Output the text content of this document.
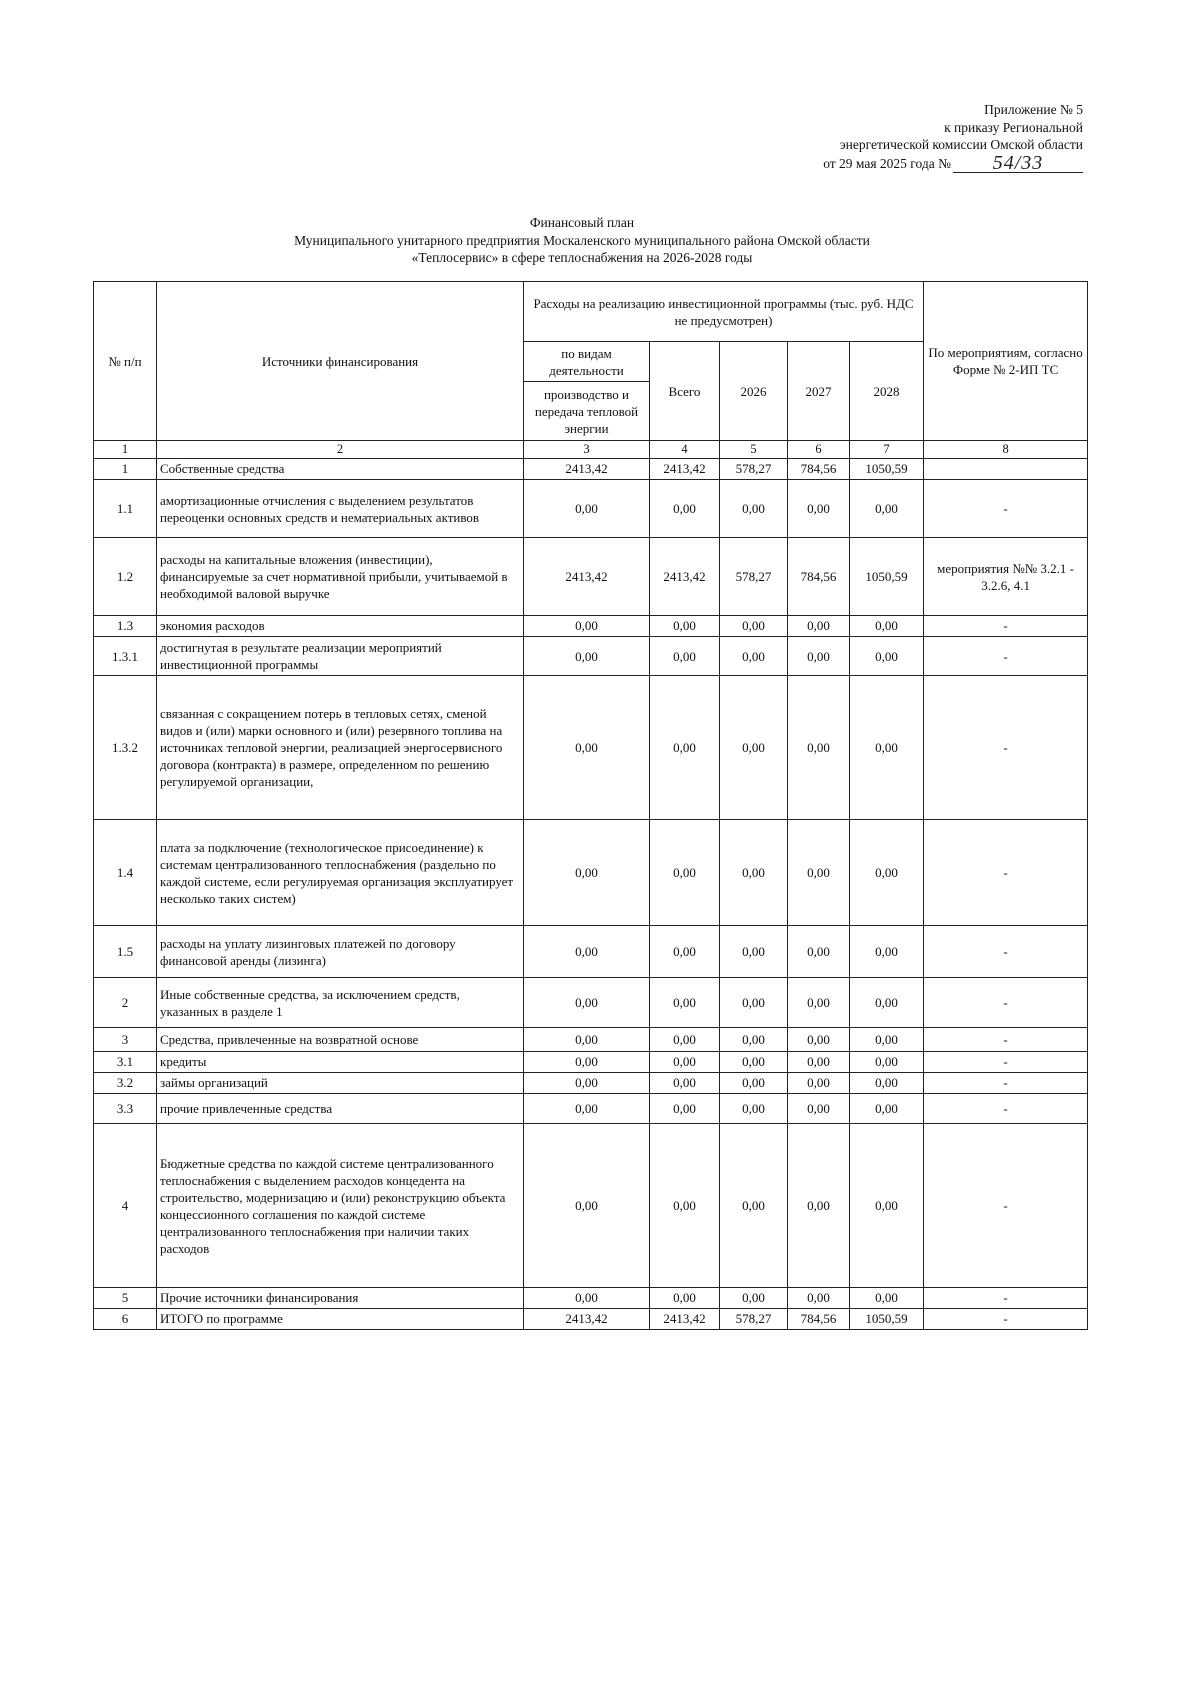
Приложение № 5
к приказу Региональной
энергетической комиссии Омской области
от 29 мая 2025 года №	54/33
Финансовый план
Муниципального унитарного предприятия Москаленского муниципального района Омской области
«Теплосервис» в сфере теплоснабжения на 2026-2028 годы
№ п/п	Источники финансирования	Расходы на реализацию инвестиционной программы (тыс. руб. НДС не предусмотрен)					По мероприятиям, согласно Форме № 2-ИП ТС
		по видам деятельности	Всего	2026	2027	2028	
		производство и передача тепловой энергии					
1	2	3	4	5	6	7	8
1	Собственные средства	2413,42	2413,42	578,27	784,56	1050,59	
1.1	амортизационные отчисления с выделением результатов переоценки основных средств и нематериальных активов	0,00	0,00	0,00	0,00	0,00	-
1.2	расходы на капитальные вложения (инвестиции), финансируемые за счет нормативной прибыли, учитываемой в необходимой валовой выручке	2413,42	2413,42	578,27	784,56	1050,59	мероприятия №№ 3.2.1 - 3.2.6, 4.1
1.3	экономия расходов	0,00	0,00	0,00	0,00	0,00	-
1.3.1	достигнутая в результате реализации мероприятий инвестиционной программы	0,00	0,00	0,00	0,00	0,00	-
1.3.2	связанная с сокращением потерь в тепловых сетях, сменой видов и (или) марки основного и (или) резервного топлива на источниках тепловой энергии, реализацией энергосервисного договора (контракта) в размере, определенном по решению регулируемой организации,	0,00	0,00	0,00	0,00	0,00	-
1.4	плата за подключение (технологическое присоединение) к системам централизованного теплоснабжения (раздельно по каждой системе, если регулируемая организация эксплуатирует несколько таких систем)	0,00	0,00	0,00	0,00	0,00	-
1.5	расходы на уплату лизинговых платежей по договору финансовой аренды (лизинга)	0,00	0,00	0,00	0,00	0,00	-
2	Иные собственные средства, за исключением средств, указанных в разделе 1	0,00	0,00	0,00	0,00	0,00	-
3	Средства, привлеченные на возвратной основе	0,00	0,00	0,00	0,00	0,00	-
3.1	кредиты	0,00	0,00	0,00	0,00	0,00	-
3.2	займы организаций	0,00	0,00	0,00	0,00	0,00	-
3.3	прочие привлеченные средства	0,00	0,00	0,00	0,00	0,00	-
4	Бюджетные средства по каждой системе централизованного теплоснабжения с выделением расходов концедента на строительство, модернизацию и (или) реконструкцию объекта концессионного соглашения по каждой системе централизованного теплоснабжения при наличии таких расходов	0,00	0,00	0,00	0,00	0,00	-
5	Прочие источники финансирования	0,00	0,00	0,00	0,00	0,00	-
6	ИТОГО по программе	2413,42	2413,42	578,27	784,56	1050,59	-
